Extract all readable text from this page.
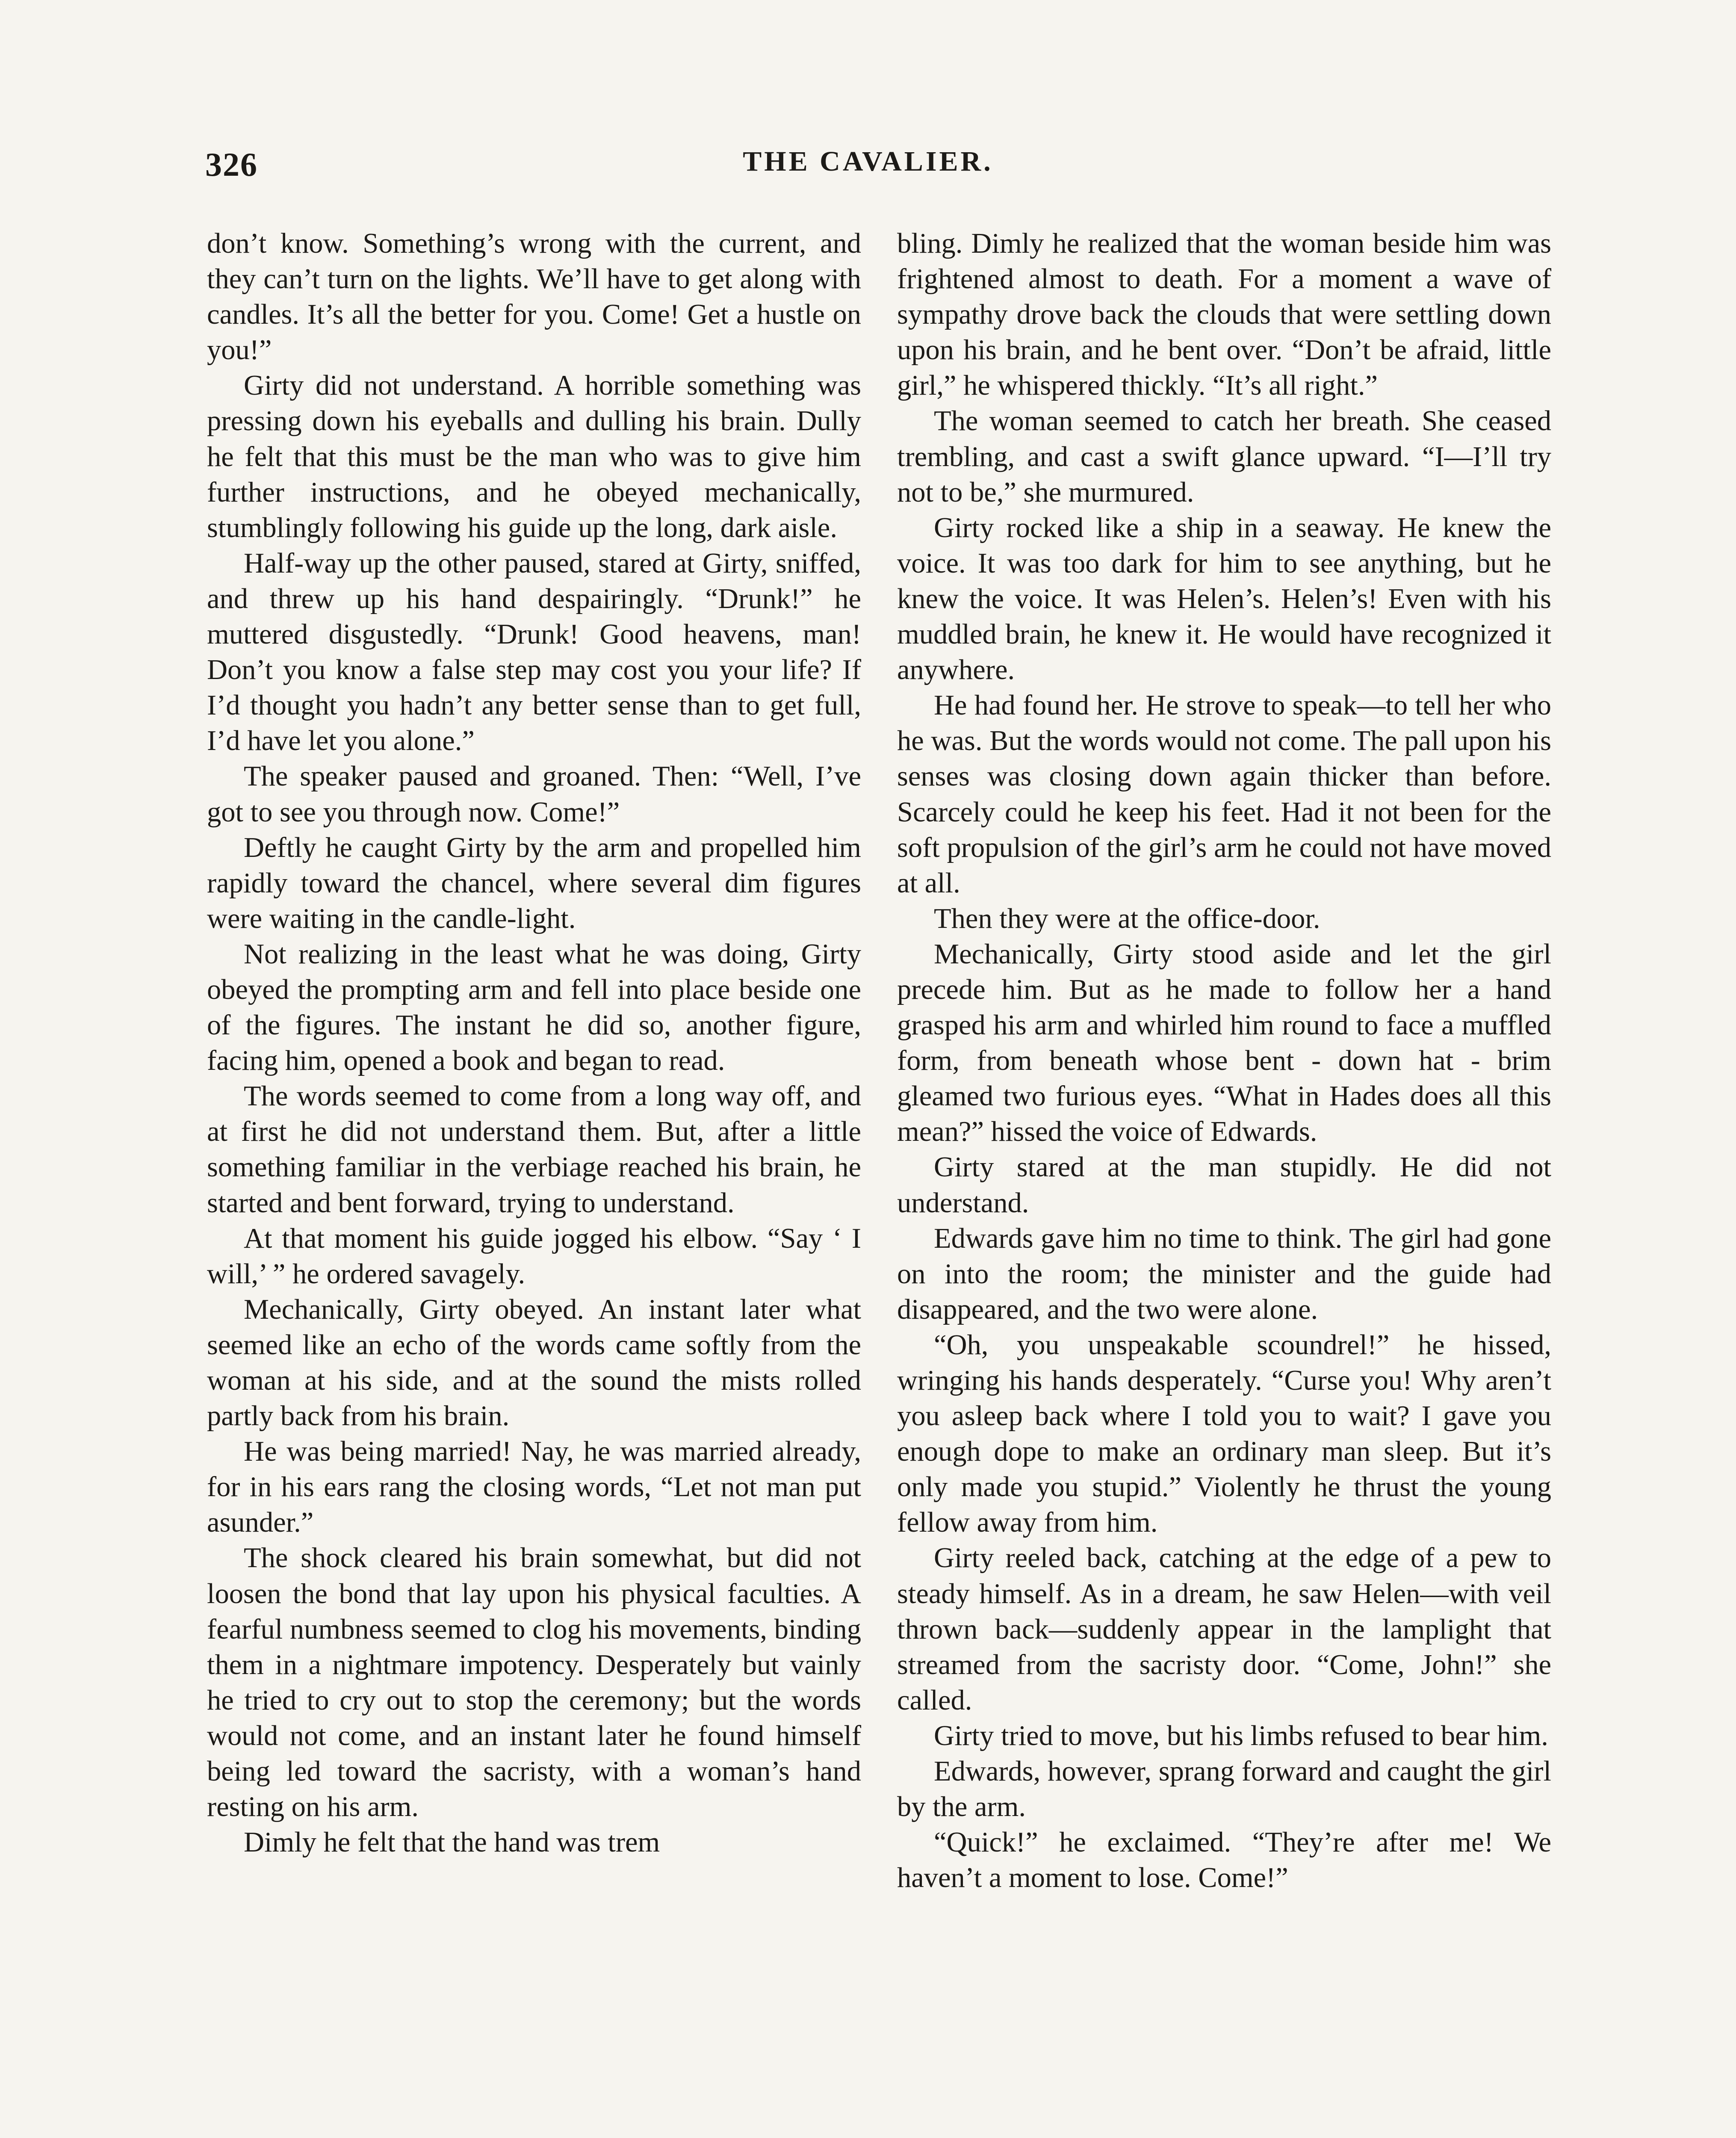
326	THE CAVALIER.

don’t know. Something’s wrong with the current, and they can’t turn on the lights. We’ll have to get along with candles. It’s all the better for you. Come! Get a hustle on you!”

Girty did not understand. A horrible something was pressing down his eyeballs and dulling his brain. Dully he felt that this must be the man who was to give him further instructions, and he obeyed mechanically, stumblingly following his guide up the long, dark aisle.

Half-way up the other paused, stared at Girty, sniffed, and threw up his hand despairingly. “Drunk!” he muttered disgustedly. “Drunk! Good heavens, man! Don’t you know a false step may cost you your life? If I’d thought you hadn’t any better sense than to get full, I’d have let you alone.”

The speaker paused and groaned. Then: “Well, I’ve got to see you through now. Come!”

Deftly he caught Girty by the arm and propelled him rapidly toward the chancel, where several dim figures were waiting in the candle-light.

Not realizing in the least what he was doing, Girty obeyed the prompting arm and fell into place beside one of the figures. The instant he did so, another figure, facing him, opened a book and began to read.

The words seemed to come from a long way off, and at first he did not understand them. But, after a little something familiar in the verbiage reached his brain, he started and bent forward, trying to understand.

At that moment his guide jogged his elbow. “Say ‘ I will,’ ” he ordered savagely.

Mechanically, Girty obeyed. An instant later what seemed like an echo of the words came softly from the woman at his side, and at the sound the mists rolled partly back from his brain.

He was being married! Nay, he was married already, for in his ears rang the closing words, “Let not man put asunder.”

The shock cleared his brain somewhat, but did not loosen the bond that lay upon his physical faculties. A fearful numbness seemed to clog his movements, binding them in a nightmare impotency. Desperately but vainly he tried to cry out to stop the ceremony; but the words would not come, and an instant later he found himself being led toward the sacristy, with a woman’s hand resting on his arm.

Dimly he felt that the hand was trem

bling. Dimly he realized that the woman beside him was frightened almost to death. For a moment a wave of sympathy drove back the clouds that were settling down upon his brain, and he bent over. “Don’t be afraid, little girl,” he whispered thickly. “It’s all right.”

The woman seemed to catch her breath. She ceased trembling, and cast a swift glance upward. “I—I’ll try not to be,” she murmured.

Girty rocked like a ship in a seaway. He knew the voice. It was too dark for him to see anything, but he knew the voice. It was Helen’s. Helen’s! Even with his muddled brain, he knew it. He would have recognized it anywhere.

He had found her. He strove to speak—to tell her who he was. But the words would not come. The pall upon his senses was closing down again thicker than before. Scarcely could he keep his feet. Had it not been for the soft propulsion of the girl’s arm he could not have moved at all.

Then they were at the office-door.

Mechanically, Girty stood aside and let the girl precede him. But as he made to follow her a hand grasped his arm and whirled him round to face a muffled form, from beneath whose bent - down hat - brim gleamed two furious eyes. “What in Hades does all this mean?” hissed the voice of Edwards.

Girty stared at the man stupidly. He did not understand.

Edwards gave him no time to think. The girl had gone on into the room; the minister and the guide had disappeared, and the two were alone.

“Oh, you unspeakable scoundrel!” he hissed, wringing his hands desperately. “Curse you! Why aren’t you asleep back where I told you to wait? I gave you enough dope to make an ordinary man sleep. But it’s only made you stupid.” Violently he thrust the young fellow away from him.

Girty reeled back, catching at the edge of a pew to steady himself. As in a dream, he saw Helen—with veil thrown back—suddenly appear in the lamplight that streamed from the sacristy door. “Come, John!” she called.

Girty tried to move, but his limbs refused to bear him.

Edwards, however, sprang forward and caught the girl by the arm.

“Quick!” he exclaimed. “They’re after me! We haven’t a moment to lose. Come!”
